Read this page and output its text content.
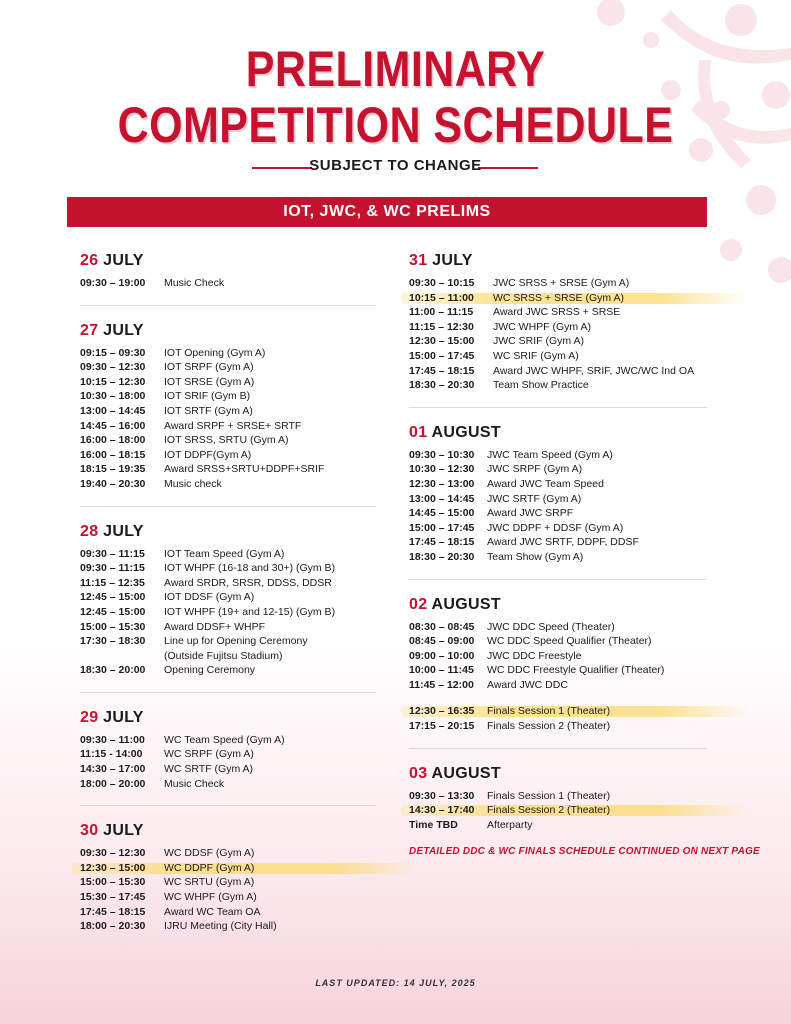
PRELIMINARY
COMPETITION SCHEDULE
SUBJECT TO CHANGE
IOT, JWC, & WC PRELIMS
26 JULY
09:30 – 19:00	Music Check
27 JULY
09:15 – 09:30	IOT Opening (Gym A)
09:30 – 12:30	IOT SRPF (Gym A)
10:15 – 12:30	IOT SRSE (Gym A)
10:30 – 18:00	IOT SRIF (Gym B)
13:00 – 14:45	IOT SRTF (Gym A)
14:45 – 16:00	Award SRPF + SRSE+ SRTF
16:00 – 18:00	IOT SRSS, SRTU (Gym A)
16:00 – 18:15	IOT DDPF(Gym A)
18:15 – 19:35	Award SRSS+SRTU+DDPF+SRIF
19:40 – 20:30	Music check
28 JULY
09:30 – 11:15	IOT Team Speed (Gym A)
09:30 – 11:15	IOT WHPF (16-18 and 30+) (Gym B)
11:15 – 12:35	Award SRDR, SRSR, DDSS, DDSR
12:45 – 15:00	IOT DDSF (Gym A)
12:45 – 15:00	IOT WHPF (19+ and 12-15) (Gym B)
15:00 – 15:30	Award DDSF+ WHPF
17:30 – 18:30	Line up for Opening Ceremony
(Outside Fujitsu Stadium)
18:30 – 20:00	Opening Ceremony
29 JULY
09:30 – 11:00	WC Team Speed (Gym A)
11:15 - 14:00	WC SRPF (Gym A)
14:30 – 17:00	WC SRTF (Gym A)
18:00 – 20:00	Music Check
30 JULY
09:30 – 12:30	WC DDSF (Gym A)
12:30 – 15:00	WC DDPF (Gym A)
15:00 – 15:30	WC SRTU (Gym A)
15:30 – 17:45	WC WHPF (Gym A)
17:45 – 18:15	Award WC Team OA
18:00 – 20:30	IJRU Meeting (City Hall)
31 JULY
09:30 – 10:15	JWC SRSS + SRSE (Gym A)
10:15 – 11:00	WC SRSS + SRSE (Gym A)
11:00 – 11:15	Award JWC SRSS + SRSE
11:15 – 12:30	JWC WHPF (Gym A)
12:30 – 15:00	JWC SRIF (Gym A)
15:00 – 17:45	WC SRIF (Gym A)
17:45 – 18:15	Award JWC WHPF, SRIF, JWC/WC Ind OA
18:30 – 20:30	Team Show Practice
01 AUGUST
09:30 – 10:30	JWC Team Speed (Gym A)
10:30 – 12:30	JWC SRPF (Gym A)
12:30 – 13:00	Award JWC Team Speed
13:00 – 14:45	JWC SRTF (Gym A)
14:45 – 15:00	Award JWC SRPF
15:00 – 17:45	JWC DDPF + DDSF (Gym A)
17:45 – 18:15	Award JWC SRTF, DDPF, DDSF
18:30 – 20:30	Team Show (Gym A)
02 AUGUST
08:30 – 08:45	JWC DDC Speed (Theater)
08:45 – 09:00	WC DDC Speed Qualifier (Theater)
09:00 – 10:00	JWC DDC Freestyle
10:00 – 11:45	WC DDC Freestyle Qualifier (Theater)
11:45 – 12:00	Award JWC DDC
12:30 – 16:35	Finals Session 1 (Theater)
17:15 – 20:15	Finals Session 2 (Theater)
03 AUGUST
09:30 – 13:30	Finals Session 1 (Theater)
14:30 – 17:40	Finals Session 2 (Theater)
Time TBD	Afterparty
DETAILED DDC & WC FINALS SCHEDULE CONTINUED ON NEXT PAGE
LAST UPDATED: 14 JULY, 2025
